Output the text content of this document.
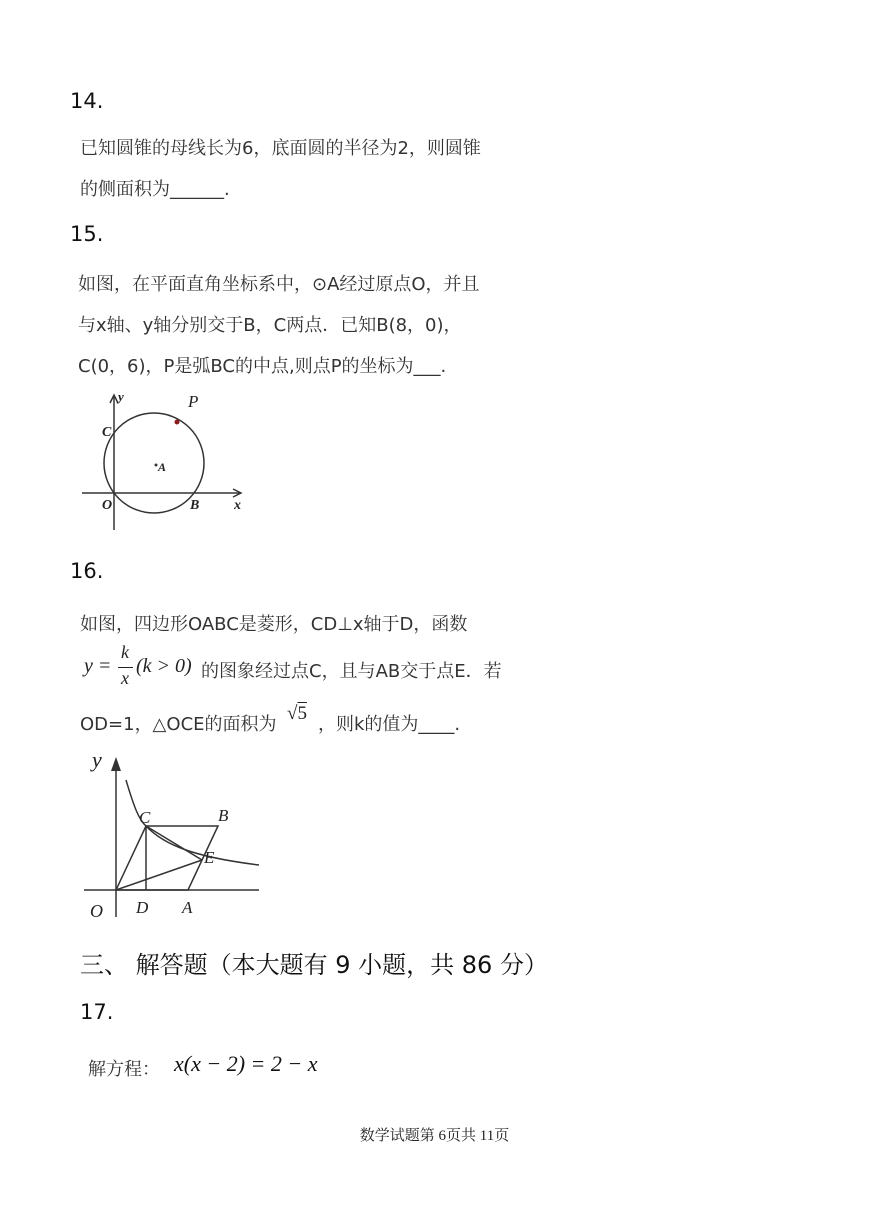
14.
已知圆锥的母线长为6，底面圆的半径为2，则圆锥
的侧面积为______.
15.
如图，在平面直角坐标系中，⊙A经过原点O，并且
与x轴、y轴分别交于B，C两点．已知B(8，0)，
C(0，6)，P是弧BC的中点,则点P的坐标为___.
y
x
P
C
A
O	B
16.
如图，四边形OABC是菱形，CD⊥x轴于D，函数
y =
k
x
(k > 0) 的图象经过点C，且与AB交于点E．若
OD=1，△OCE的面积为
√5
，则k的值为____.
y
C	B
E
O D A
三、 解答题（本大题有 9 小题，共 86 分）
17.
解方程： x(x − 2) = 2 − x
数学试题第 6页共 11页
